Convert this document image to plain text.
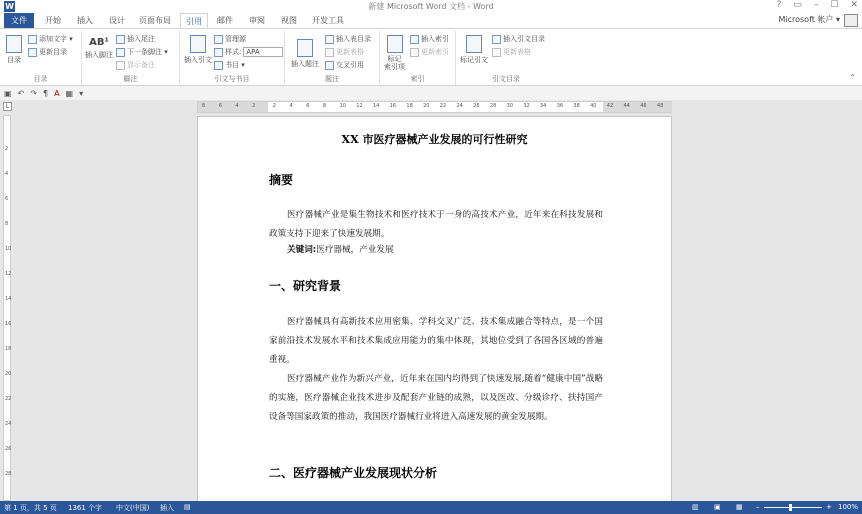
W	新建 Microsoft Word 文档 - Word	? ▭ – ☐ ✕
文件	开始	插入	设计	页面布局	引用	邮件	审阅	视图	开发工具	Microsoft 帐户 ▾
目录
添加文字 ▾
更新目录
目录
AB¹
插入脚注
插入尾注
下一条脚注 ▾
显示备注
脚注
插入引文
管理源
样式: APA
书目 ▾
引文与书目
插入题注
插入表目录
更新表格
交叉引用
题注
标记
索引项
插入索引
更新索引
索引
标记引文
插入引文目录
更新表格
引文目录	⌃
▣ ↶ ↷ ¶ A ▦ ▾
L	8	6	4	2	2	4	6	8	10 12 14 16 18 20 22 24 26 28 30 32 34 36 38 40 42 44 46 48
2
4
6
8
10
12
14
16
18
20
22
24
26
28
XX 市医疗器械产业发展的可行性研究
摘要
医疗器械产业是集生物技术和医疗技术于一身的高技术产业，近年来在科技发展和政策支持下迎来了快速发展期。
关键词:医疗器械，产业发展
一、研究背景
医疗器械具有高新技术应用密集、学科交叉广泛、技术集成融合等特点，是一个国家前沿技术发展水平和技术集成应用能力的集中体现，其地位受到了各国各区域的普遍重视。
医疗器械产业作为新兴产业，近年来在国内均得到了快速发展,随着“健康中国”战略的实施，医疗器械企业技术进步及配套产业链的成熟，以及医改、分级诊疗、扶持国产设备等国家政策的推动，我国医疗器械行业将进入高速发展的黄金发展期。
二、医疗器械产业发展现状分析
第 1 页，共 5 页 1361 个字 中文(中国) 插入 ▤	▥ ▣ ▦ –	+ 100%
